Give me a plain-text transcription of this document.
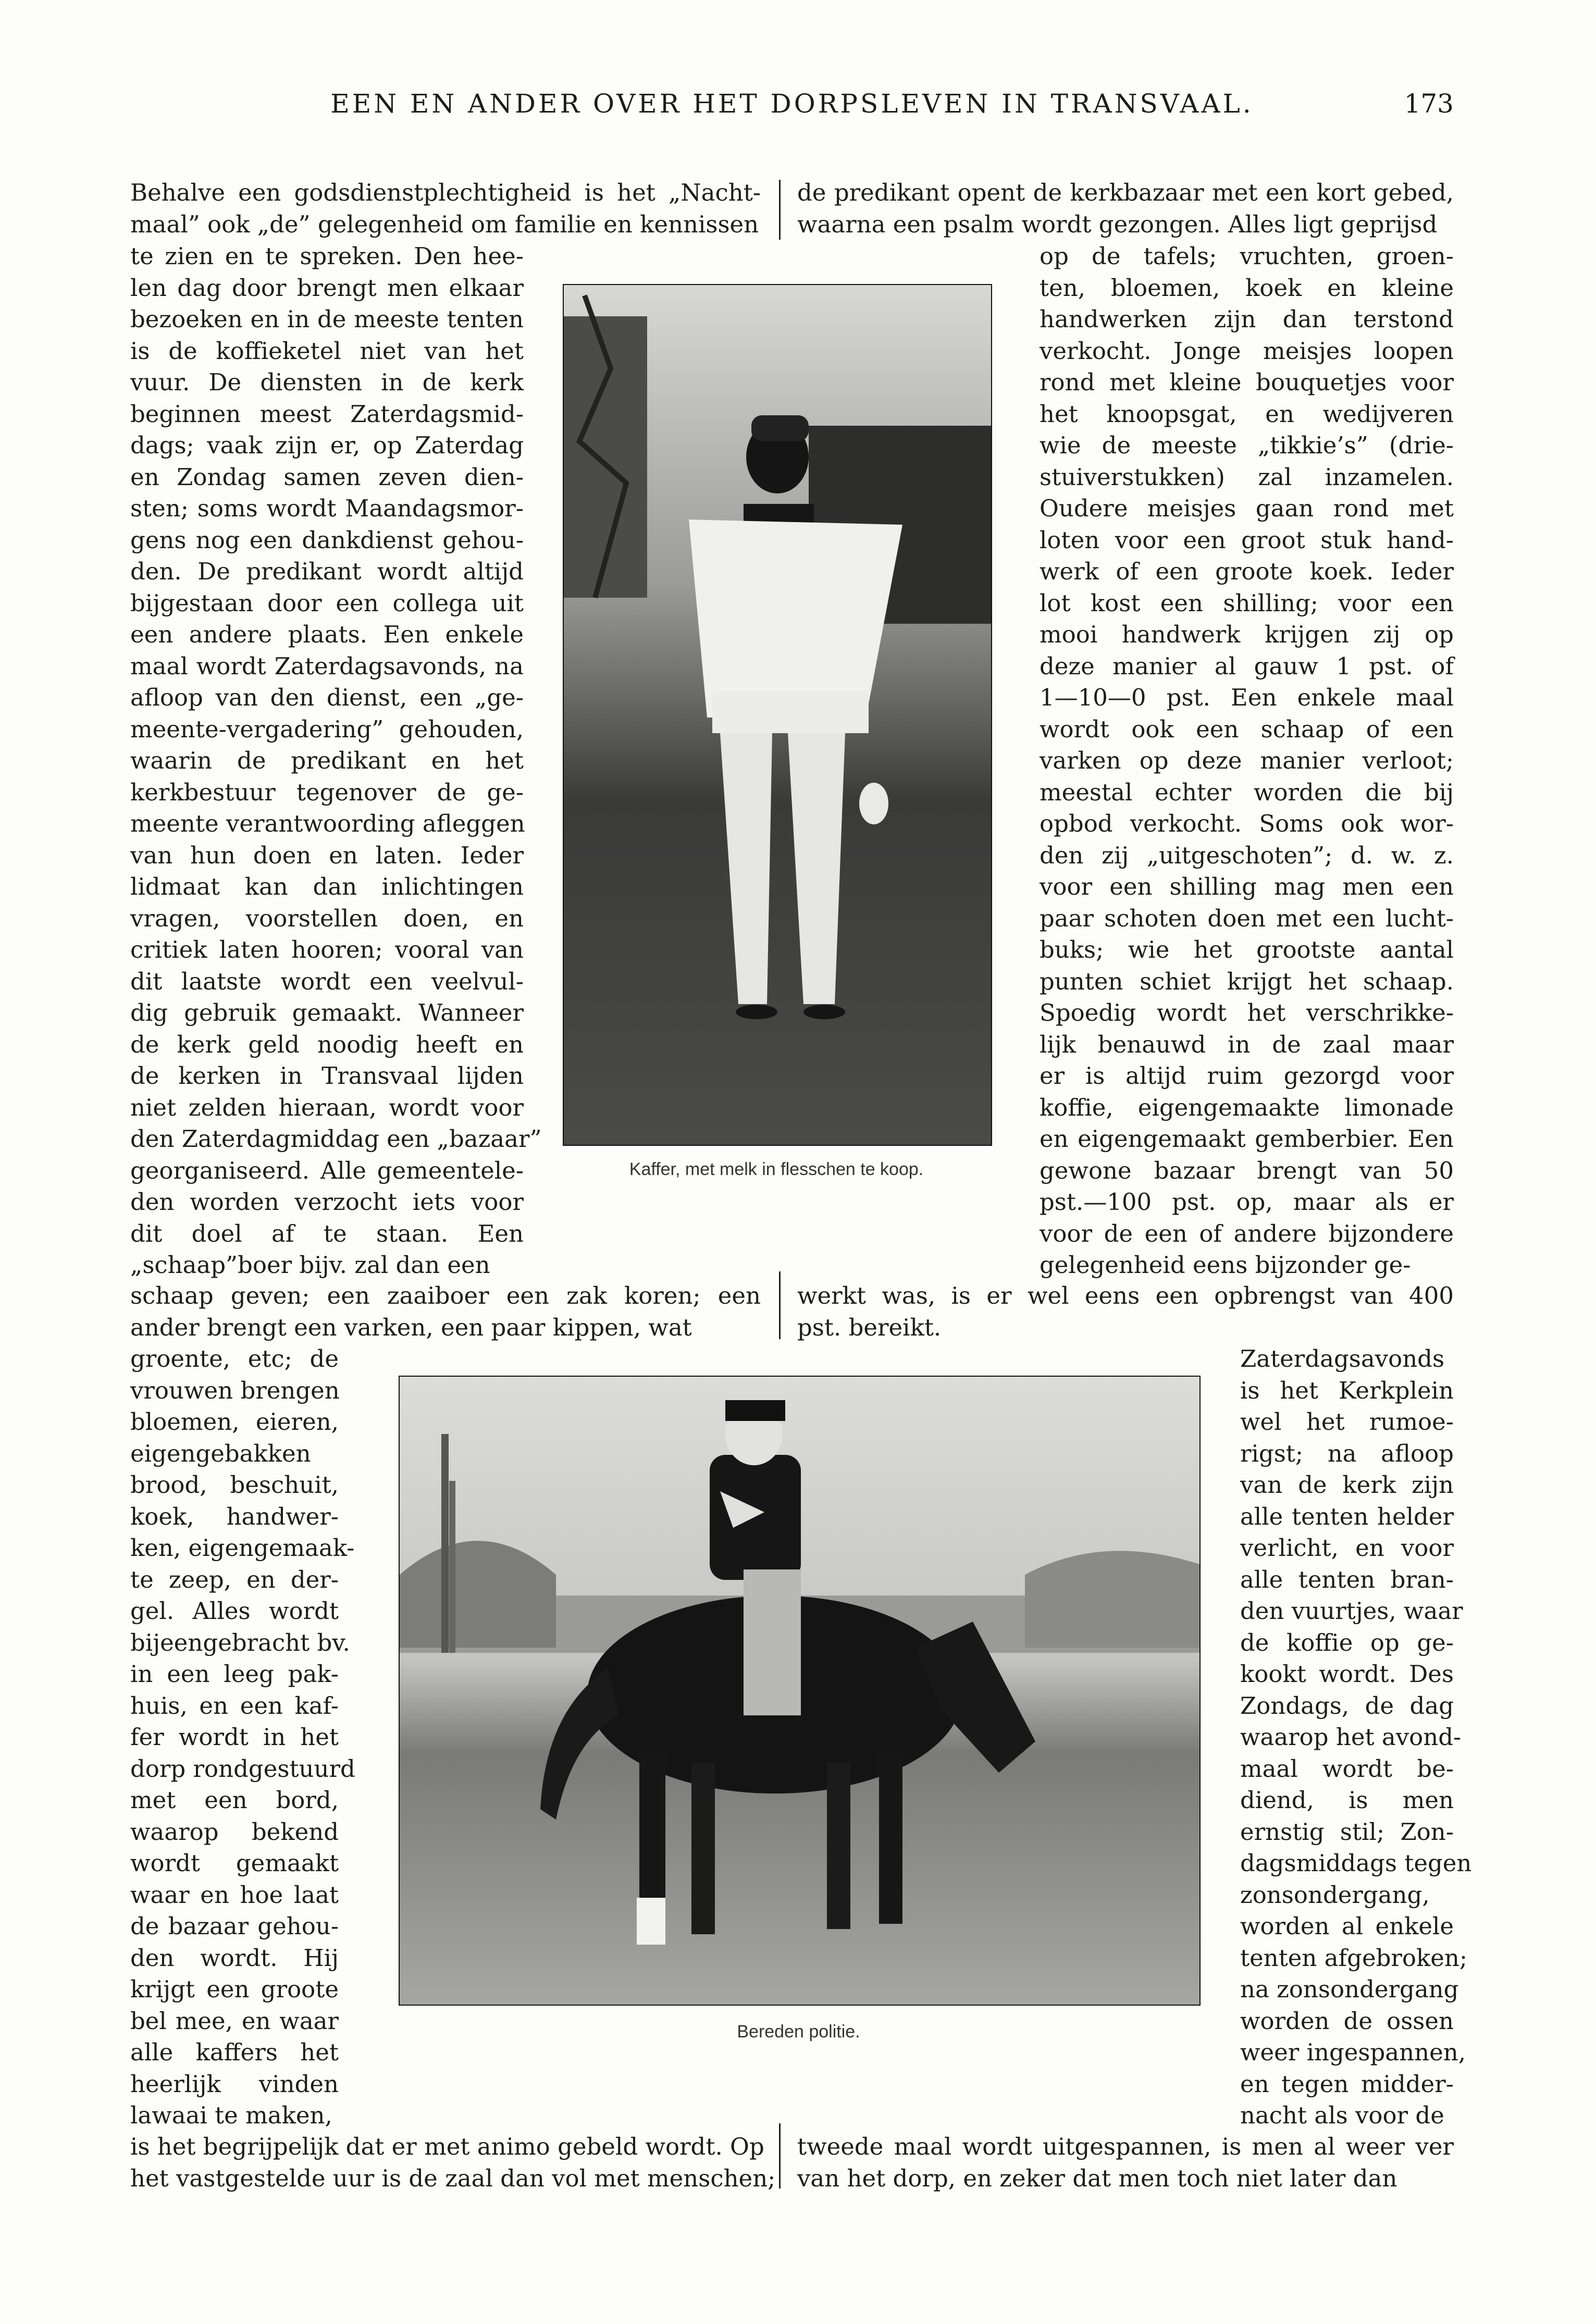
EEN EN ANDER OVER HET DORPSLEVEN IN TRANSVAAL.	173

Behalve een godsdienstplechtigheid is het „Nacht-

maal” ook „de” gelegenheid om familie en kennissen

de predikant opent de kerkbazaar met een kort gebed,

waarna een psalm wordt gezongen. Alles ligt geprijsd

te zien en te spreken. Den hee-

len dag door brengt men elkaar

bezoeken en in de meeste tenten

is de koffieketel niet van het

vuur. De diensten in de kerk

beginnen meest Zaterdagsmid-

dags; vaak zijn er, op Zaterdag

en Zondag samen zeven dien-

sten; soms wordt Maandagsmor-

gens nog een dankdienst gehou-

den. De predikant wordt altijd

bijgestaan door een collega uit

een andere plaats. Een enkele

maal wordt Zaterdagsavonds, na

afloop van den dienst, een „ge-

meente-vergadering” gehouden,

waarin de predikant en het

kerkbestuur tegenover de ge-

meente verantwoording afleggen

van hun doen en laten. Ieder

lidmaat kan dan inlichtingen

vragen, voorstellen doen, en

critiek laten hooren; vooral van

dit laatste wordt een veelvul-

dig gebruik gemaakt. Wanneer

de kerk geld noodig heeft en

de kerken in Transvaal lijden

niet zelden hieraan, wordt voor

den Zaterdagmiddag een „bazaar”

georganiseerd. Alle gemeentele-

den worden verzocht iets voor

dit doel af te staan. Een

„schaap”boer bijv. zal dan een

Kaffer, met melk in flesschen te koop.

op de tafels; vruchten, groen-

ten, bloemen, koek en kleine

handwerken zijn dan terstond

verkocht. Jonge meisjes loopen

rond met kleine bouquetjes voor

het knoopsgat, en wedijveren

wie de meeste „tikkie’s” (drie-

stuiverstukken) zal inzamelen.

Oudere meisjes gaan rond met

loten voor een groot stuk hand-

werk of een groote koek. Ieder

lot kost een shilling; voor een

mooi handwerk krijgen zij op

deze manier al gauw 1 pst. of

1—10—0 pst. Een enkele maal

wordt ook een schaap of een

varken op deze manier verloot;

meestal echter worden die bij

opbod verkocht. Soms ook wor-

den zij „uitgeschoten”; d. w. z.

voor een shilling mag men een

paar schoten doen met een lucht-

buks; wie het grootste aantal

punten schiet krijgt het schaap.

Spoedig wordt het verschrikke-

lijk benauwd in de zaal maar

er is altijd ruim gezorgd voor

koffie, eigengemaakte limonade

en eigengemaakt gemberbier. Een

gewone bazaar brengt van 50

pst.—100 pst. op, maar als er

voor de een of andere bijzondere

gelegenheid eens bijzonder ge-

schaap geven; een zaaiboer een zak koren; een

ander brengt een varken, een paar kippen, wat

werkt was, is er wel eens een opbrengst van 400

pst. bereikt.

groente, etc; de

vrouwen brengen

bloemen, eieren,

eigengebakken

brood, beschuit,

koek, handwer-

ken, eigengemaak-

te zeep, en der-

gel. Alles wordt

bijeengebracht bv.

in een leeg pak-

huis, en een kaf-

fer wordt in het

dorp rondgestuurd

met een bord,

waarop bekend

wordt gemaakt

waar en hoe laat

de bazaar gehou-

den wordt. Hij

krijgt een groote

bel mee, en waar

alle kaffers het

heerlijk vinden

lawaai te maken,

Bereden politie.

Zaterdagsavonds

is het Kerkplein

wel het rumoe-

rigst; na afloop

van de kerk zijn

alle tenten helder

verlicht, en voor

alle tenten bran-

den vuurtjes, waar

de koffie op ge-

kookt wordt. Des

Zondags, de dag

waarop het avond-

maal wordt be-

diend, is men

ernstig stil; Zon-

dagsmiddags tegen

zonsondergang,

worden al enkele

tenten afgebroken;

na zonsondergang

worden de ossen

weer ingespannen,

en tegen midder-

nacht als voor de

is het begrijpelijk dat er met animo gebeld wordt. Op

het vastgestelde uur is de zaal dan vol met menschen;

tweede maal wordt uitgespannen, is men al weer ver

van het dorp, en zeker dat men toch niet later dan
